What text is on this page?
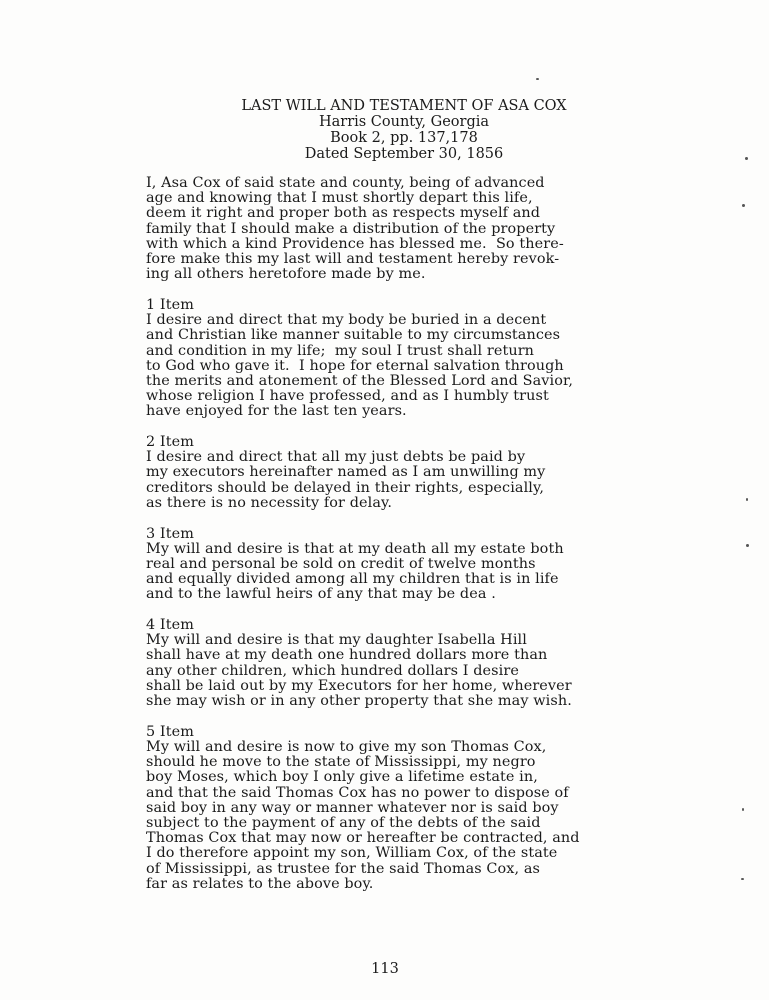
LAST WILL AND TESTAMENT OF ASA COX
Harris County, Georgia
Book 2, pp. 137,178
Dated September 30, 1856
I, Asa Cox of said state and county, being of advanced
age and knowing that I must shortly depart this life,
deem it right and proper both as respects myself and
family that I should make a distribution of the property
with which a kind Providence has blessed me.  So there-
fore make this my last will and testament hereby revok-
ing all others heretofore made by me.
1 Item
I desire and direct that my body be buried in a decent
and Christian like manner suitable to my circumstances
and condition in my life;  my soul I trust shall return
to God who gave it.  I hope for eternal salvation through
the merits and atonement of the Blessed Lord and Savior,
whose religion I have professed, and as I humbly trust
have enjoyed for the last ten years.
2 Item
I desire and direct that all my just debts be paid by
my executors hereinafter named as I am unwilling my
creditors should be delayed in their rights, especially,
as there is no necessity for delay.
3 Item
My will and desire is that at my death all my estate both
real and personal be sold on credit of twelve months
and equally divided among all my children that is in life
and to the lawful heirs of any that may be dea .
4 Item
My will and desire is that my daughter Isabella Hill
shall have at my death one hundred dollars more than
any other children, which hundred dollars I desire
shall be laid out by my Executors for her home, wherever
she may wish or in any other property that she may wish.
5 Item
My will and desire is now to give my son Thomas Cox,
should he move to the state of Mississippi, my negro
boy Moses, which boy I only give a lifetime estate in,
and that the said Thomas Cox has no power to dispose of
said boy in any way or manner whatever nor is said boy
subject to the payment of any of the debts of the said
Thomas Cox that may now or hereafter be contracted, and
I do therefore appoint my son, William Cox, of the state
of Mississippi, as trustee for the said Thomas Cox, as
far as relates to the above boy.
113
